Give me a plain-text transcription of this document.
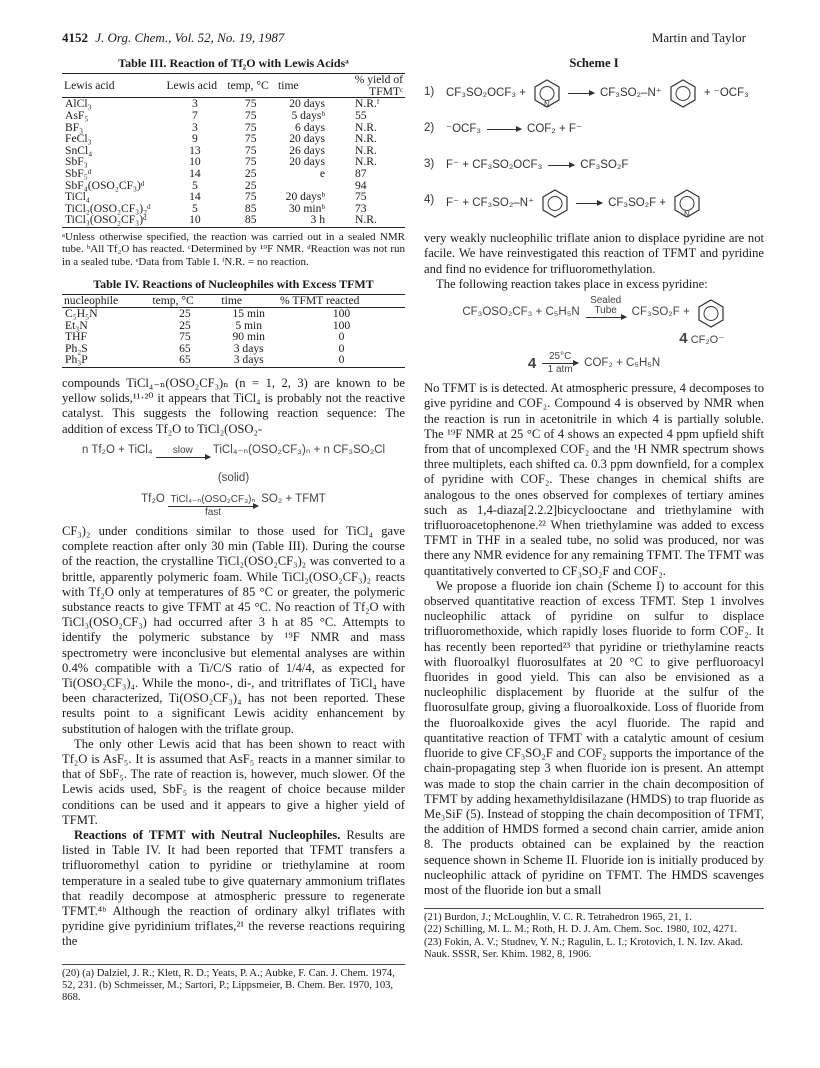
4152 J. Org. Chem., Vol. 52, No. 19, 1987	Martin and Taylor
Table III. Reaction of Tf₂O with Lewis Acidsᵃ
Lewis acid	Lewis acid	temp, °C	time	% yield of TFMTᶜ
AlCl₃	3	75	20 days	N.R.ᶠ
AsF₅	7	75	5 daysᵇ	55
BF₃	3	75	6 days	N.R.
FeCl₃	9	75	20 days	N.R.
SnCl₄	13	75	26 days	N.R.
SbF₃	10	75	20 days	N.R.
SbF₅ᵈ	14	25	e	87
SbF₄(OSO₂CF₃)ᵈ	5	25		94
TiCl₄	14	75	20 daysᵇ	75
TiCl₂(OSO₂CF₃)₂ᵈ	5	85	30 minᵇ	73
TiCl₃(OSO₂CF₃)ᵈ	10	85	3 h	N.R.
ᵃUnless otherwise specified, the reaction was carried out in a sealed NMR tube. ᵇAll Tf₂O has reacted. ᶜDetermined by ¹⁹F NMR. ᵈReaction was not run in a sealed tube. ᵉData from Table I. ᶠN.R. = no reaction.
Table IV. Reactions of Nucleophiles with Excess TFMT
nucleophile	temp, °C	time	% TFMT reacted
C₅H₅N	25	15 min	100
Et₃N	25	5 min	100
THF	75	90 min	0
Ph₂S	65	3 days	0
Ph₃P	65	3 days	0

compounds TiCl₄₋ₙ(OSO₂CF₃)ₙ (n = 1, 2, 3) are known to be yellow solids,¹¹·²⁰ it appears that TiCl₄ is probably not the reactive catalyst. This suggests the following reaction sequence: The addition of excess Tf₂O to TiCl₂(OSO₂-

n Tf₂O + TiCl₄ slow
TiCl₄₋ₙ(OSO₂CF₃)ₙ + n CF₃SO₂Cl
(solid)
Tf₂O TiCl₄₋ₙ(OSO₂CF₃)ₙ
fast
SO₂ + TFMT

CF₃)₂ under conditions similar to those used for TiCl₄ gave complete reaction after only 30 min (Table III). During the course of the reaction, the crystalline TiCl₂(OSO₂CF₃)₂ was converted to a brittle, apparently polymeric foam. While TiCl₂(OSO₂CF₃)₂ reacts with Tf₂O only at temperatures of 85 °C or greater, the polymeric substance reacts to give TFMT at 45 °C. No reaction of Tf₂O with TiCl₃(OSO₂CF₃) had occurred after 3 h at 85 °C. Attempts to identify the polymeric substance by ¹⁹F NMR and mass spectrometry were inconclusive but elemental analyses are within 0.4% compatible with a Ti/C/S ratio of 1/4/4, as expected for Ti(OSO₂CF₃)₄. While the mono-, di-, and tritriflates of TiCl₄ have been characterized, Ti(OSO₂CF₃)₄ has not been reported. These results point to a significant Lewis acidity enhancement by substitution of halogen with the triflate group.

The only other Lewis acid that has been shown to react with Tf₂O is AsF₅. It is assumed that AsF₅ reacts in a manner similar to that of SbF₅. The rate of reaction is, however, much slower. Of the Lewis acids used, SbF₅ is the reagent of choice because milder conditions can be used and it appears to give a higher yield of TFMT.

Reactions of TFMT with Neutral Nucleophiles. Results are listed in Table IV. It had been reported that TFMT transfers a trifluoromethyl cation to pyridine or triethylamine at room temperature in a sealed tube to give quaternary ammonium triflates that readily decompose at atmospheric pressure to regenerate TFMT.⁴ᵇ Although the reaction of ordinary alkyl triflates with pyridine give pyridinium triflates,²¹ the reverse reactions requiring the

(20) (a) Dalziel, J. R.; Klett, R. D.; Yeats, P. A.; Aubke, F. Can. J. Chem. 1974, 52, 231. (b) Schmeisser, M.; Sartori, P.; Lippsmeier, B. Chem. Ber. 1970, 103, 868.
Scheme I
1) CF₃SO₂OCF₃ +
N
CF₃SO₂–N⁺	+ ⁻OCF₃
2) ⁻OCF₃	COF₂ + F⁻
3) F⁻ + CF₃SO₂OCF₃	CF₃SO₂F
4) F⁻ + CF₃SO₂–N⁺	CF₃SO₂F +
N

very weakly nucleophilic triflate anion to displace pyridine are not facile. We have reinvestigated this reaction of TFMT and pyridine and find no evidence for trifluoromethylation.

The following reaction takes place in excess pyridine:

CF₃OSO₂CF₃ + C₅H₅N
Sealed Tube
	CF₃SO₂F +
4 CF₂O⁻
4 25°C
1 atm
COF₂ + C₅H₅N

No TFMT is is detected. At atmospheric pressure, 4 decomposes to give pyridine and COF₂. Compound 4 is observed by NMR when the reaction is run in acetonitrile in which 4 is partially soluble. The ¹⁹F NMR at 25 °C of 4 shows an expected 4 ppm upfield shift from that of uncomplexed COF₂ and the ¹H NMR spectrum shows three multiplets, each shifted ca. 0.3 ppm downfield, for a complex of pyridine with COF₂. These changes in chemical shifts are analogous to the ones observed for complexes of tertiary amines such as 1,4-diaza[2.2.2]bicyclooctane and triethylamine with trifluoroacetophenone.²² When triethylamine was added to excess TFMT in THF in a sealed tube, no solid was produced, nor was there any NMR evidence for any remaining TFMT. The TFMT was quantitatively converted to CF₃SO₂F and COF₂.

We propose a fluoride ion chain (Scheme I) to account for this observed quantitative reaction of excess TFMT. Step 1 involves nucleophilic attack of pyridine on sulfur to displace trifluoromethoxide, which rapidly loses fluoride to form COF₂. It has recently been reported²³ that pyridine or triethylamine reacts with fluoroalkyl fluorosulfates at 20 °C to give perfluoroacyl fluorides in good yield. This can also be envisioned as a nucleophilic displacement by fluoride at the sulfur of the fluorosulfate group, giving a fluoroalkoxide. Loss of fluoride from the fluoroalkoxide gives the acyl fluoride. The rapid and quantitative reaction of TFMT with a catalytic amount of cesium fluoride to give CF₃SO₂F and COF₂ supports the importance of the chain-propagating step 3 when fluoride ion is present. An attempt was made to stop the chain carrier in the chain decomposition of TFMT by adding hexamethyldisilazane (HMDS) to trap fluoride as Me₃SiF (5). Instead of stopping the chain decomposition of TFMT, the addition of HMDS formed a second chain carrier, amide anion 8. The products obtained can be explained by the reaction sequence shown in Scheme II. Fluoride ion is initially produced by nucleophilic attack of pyridine on TFMT. The HMDS scavenges most of the fluoride ion but a small

(21) Burdon, J.; McLoughlin, V. C. R. Tetrahedron 1965, 21, 1.
(22) Schilling, M. L. M.; Roth, H. D. J. Am. Chem. Soc. 1980, 102, 4271.
(23) Fokin, A. V.; Studnev, Y. N.; Ragulin, L. I.; Krotovich, I. N. Izv. Akad. Nauk. SSSR, Ser. Khim. 1982, 8, 1906.
